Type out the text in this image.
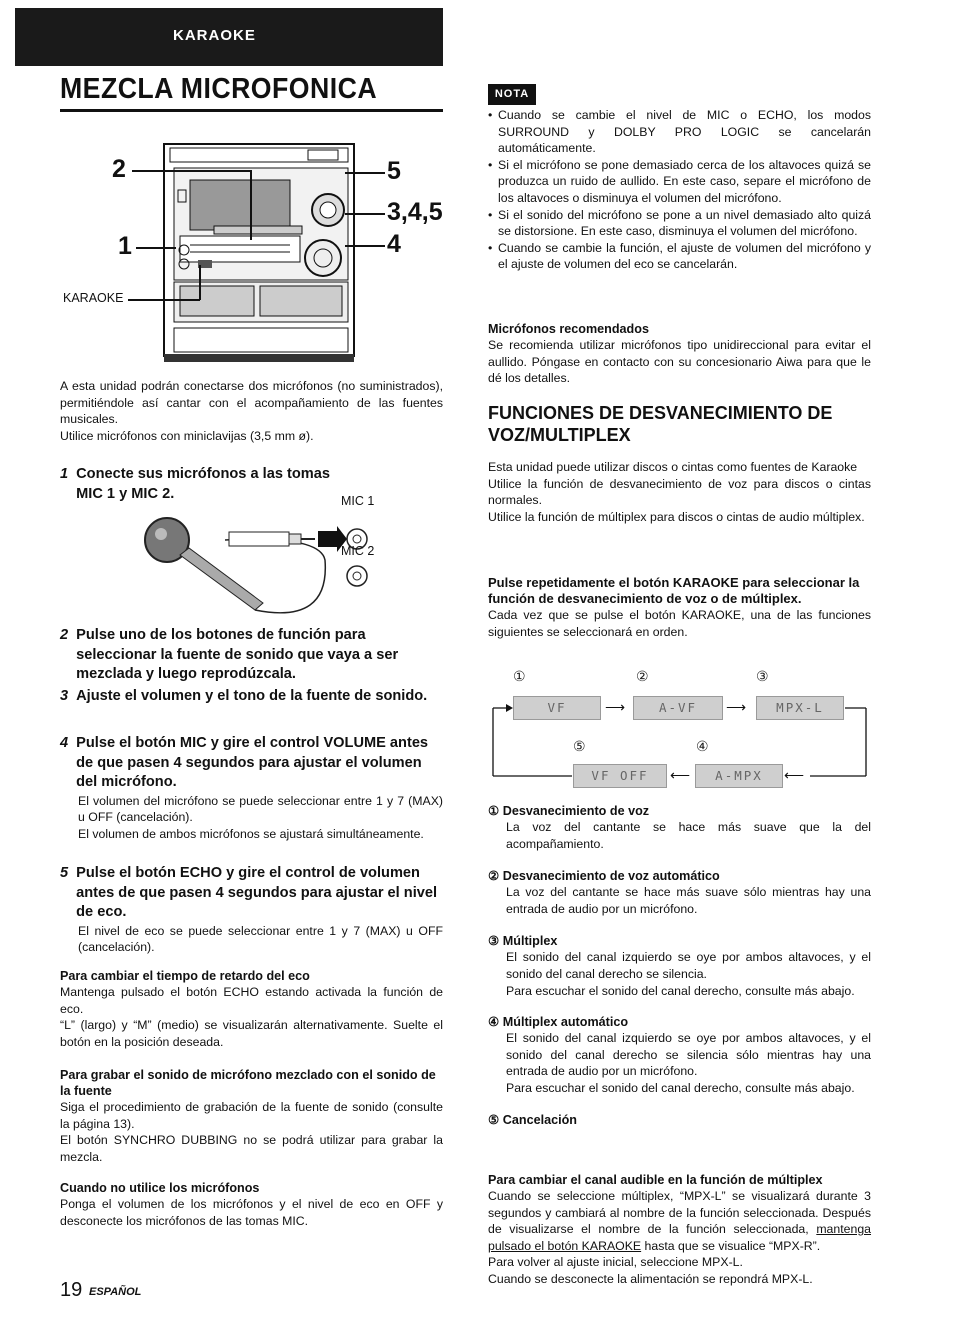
KARAOKE
MEZCLA MICROFONICA
2
1
5
3,4,5
4
KARAOKE

A esta unidad podrán conectarse dos micrófonos (no suministrados), permitiéndole así cantar con el acompañamiento de las fuentes musicales.

Utilice micrófonos con miniclavijas (3,5 mm ø).

1 Conecte sus micrófonos a las tomas MIC 1 y MIC 2.	MIC 1
MIC 2
2 Pulse uno de los botones de función para seleccionar la fuente de sonido que vaya a ser mezclada y luego reprodúzcala.
3 Ajuste el volumen y el tono de la fuente de sonido.
4 Pulse el botón MIC y gire el control VOLUME antes de que pasen 4 segundos para ajustar el volumen del micrófono.

El volumen del micrófono se puede seleccionar entre 1 y 7 (MAX) u OFF (cancelación).

El volumen de ambos micrófonos se ajustará simultáneamente.

5 Pulse el botón ECHO y gire el control de volumen antes de que pasen 4 segundos para ajustar el nivel de eco.

El nivel de eco se puede seleccionar entre 1 y 7 (MAX) u OFF (cancelación).

Para cambiar el tiempo de retardo del eco

Mantenga pulsado el botón ECHO estando activada la función de eco.

“L” (largo) y “M” (medio) se visualizarán alternativamente. Suelte el botón en la posición deseada.

Para grabar el sonido de micrófono mezclado con el sonido de la fuente

Siga el procedimiento de grabación de la fuente de sonido (consulte la página 13).

El botón SYNCHRO DUBBING no se podrá utilizar para grabar la mezcla.

Cuando no utilice los micrófonos

Ponga el volumen de los micrófonos y el nivel de eco en OFF y desconecte los micrófonos de las tomas MIC.

19 ESPAÑOL
NOTA
• Cuando se cambie el nivel de MIC o ECHO, los modos SURROUND y DOLBY PRO LOGIC se cancelarán automáticamente.
• Si el micrófono se pone demasiado cerca de los altavoces quizá se produzca un ruido de aullido. En este caso, separe el micrófono de los altavoces o disminuya el volumen del micrófono.
• Si el sonido del micrófono se pone a un nivel demasiado alto quizá se distorsione. En este caso, disminuya el volumen del micrófono.
• Cuando se cambie la función, el ajuste de volumen del micrófono y el ajuste de volumen del eco se cancelarán.
Micrófonos recomendados

Se recomienda utilizar micrófonos tipo unidireccional para evitar el aullido. Póngase en contacto con su concesionario Aiwa para que le dé los detalles.

FUNCIONES DE DESVANECIMIENTO DE VOZ/MULTIPLEX

Esta unidad puede utilizar discos o cintas como fuentes de Karaoke

Utilice la función de desvanecimiento de voz para discos o cintas normales.

Utilice la función de múltiplex para discos o cintas de audio múltiplex.

Pulse repetidamente el botón KARAOKE para seleccionar la función de desvanecimiento de voz o de múltiplex.

Cada vez que se pulse el botón KARAOKE, una de las funciones siguientes se seleccionará en orden.

①	②	③
VF	A-VF	MPX-L
⟶	⟶
⑤	④
VF OFF	A-MPX
⟵	⟵
① Desvanecimiento de voz

La voz del cantante se hace más suave que la del acompañamiento.

② Desvanecimiento de voz automático

La voz del cantante se hace más suave sólo mientras hay una entrada de audio por un micrófono.

③ Múltiplex

El sonido del canal izquierdo se oye por ambos altavoces, y el sonido del canal derecho se silencia.

Para escuchar el sonido del canal derecho, consulte más abajo.

④ Múltiplex automático

El sonido del canal izquierdo se oye por ambos altavoces, y el sonido del canal derecho se silencia sólo mientras hay una entrada de audio por un micrófono.

Para escuchar el sonido del canal derecho, consulte más abajo.

⑤ Cancelación
Para cambiar el canal audible en la función de múltiplex

Cuando se seleccione múltiplex, “MPX-L” se visualizará durante 3 segundos y cambiará al nombre de la función seleccionada. Después de visualizarse el nombre de la función seleccionada, mantenga pulsado el botón KARAOKE hasta que se visualice “MPX-R”.

Para volver al ajuste inicial, seleccione MPX-L.

Cuando se desconecte la alimentación se repondrá MPX-L.
